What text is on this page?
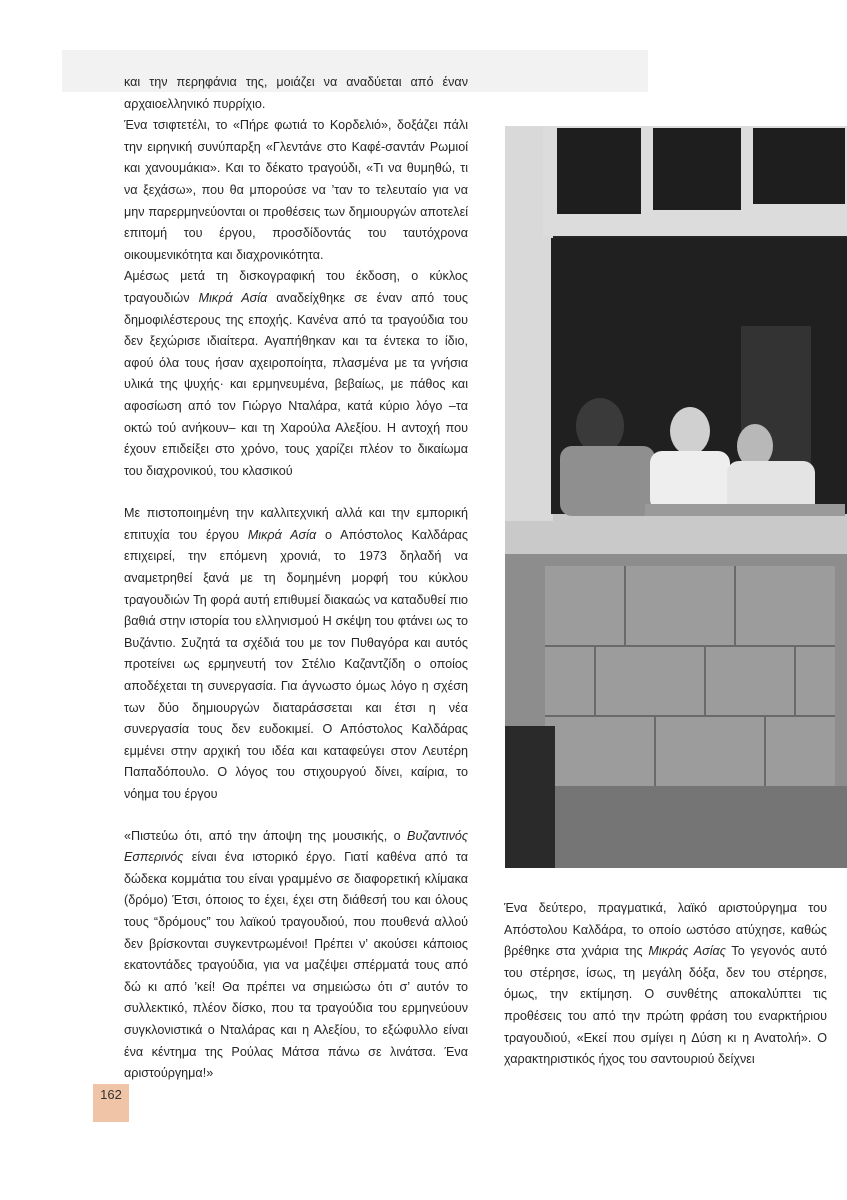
και την περηφάνια της, μοιάζει να αναδύεται από έναν αρχαιοελληνικό πυρρίχιο.

Ένα τσιφτετέλι, το «Πήρε φωτιά το Κορδελιό», δοξάζει πάλι την ειρηνική συνύπαρξη «Γλεντάνε στο Καφέ-σαντάν Ρωμιοί και χανουμάκια». Και το δέκατο τραγούδι, «Τι να θυμηθώ, τι να ξεχάσω», που θα μπορούσε να ’ταν το τελευταίο για να μην παρερμηνεύονται οι προθέσεις των δημιουργών αποτελεί επιτομή του έργου, προσδίδοντάς του ταυτόχρονα οικουμενικότητα και διαχρονικότητα.

Αμέσως μετά τη δισκογραφική του έκδοση, ο κύκλος τραγουδιών Μικρά Ασία αναδείχθηκε σε έναν από τους δημοφιλέστερους της εποχής. Κανένα από τα τραγούδια του δεν ξεχώρισε ιδιαίτερα. Αγαπήθηκαν και τα έντεκα το ίδιο, αφού όλα τους ήσαν αχειροποίητα, πλασμένα με τα γνήσια υλικά της ψυχής· και ερμηνευμένα, βεβαίως, με πάθος και αφοσίωση από τον Γιώργο Νταλάρα, κατά κύριο λόγο –τα οκτώ τού ανήκουν– και τη Χαρούλα Αλεξίου. Η αντοχή που έχουν επιδείξει στο χρόνο, τους χαρίζει πλέον το δικαίωμα του διαχρονικού, του κλασικού

Με πιστοποιημένη την καλλιτεχνική αλλά και την εμπορική επιτυχία του έργου Μικρά Ασία ο Απόστολος Καλδάρας επιχειρεί, την επόμενη χρονιά, το 1973 δηλαδή να αναμετρηθεί ξανά με τη δομημένη μορφή του κύκλου τραγουδιών Τη φορά αυτή επιθυμεί διακαώς να καταδυθεί πιο βαθιά στην ιστορία του ελληνισμού Η σκέψη του φτάνει ως το Βυζάντιο. Συζητά τα σχέδιά του με τον Πυθαγόρα και αυτός προτείνει ως ερμηνευτή τον Στέλιο Καζαντζίδη ο οποίος αποδέχεται τη συνεργασία. Για άγνωστο όμως λόγο η σχέση των δύο δημιουργών διαταράσσεται και έτσι η νέα συνεργασία τους δεν ευδοκιμεί. Ο Απόστολος Καλδάρας εμμένει στην αρχική του ιδέα και καταφεύγει στον Λευτέρη Παπαδόπουλο. Ο λόγος του στιχουργού δίνει, καίρια, το νόημα του έργου

«Πιστεύω ότι, από την άποψη της μουσικής, ο Βυζαντινός Εσπερινός είναι ένα ιστορικό έργο. Γιατί καθένα από τα δώδεκα κομμάτια του είναι γραμμένο σε διαφορετική κλίμακα (δρόμο) Έτσι, όποιος το έχει, έχει στη διάθεσή του και όλους τους “δρόμους” του λαϊκού τραγουδιού, που πουθενά αλλού δεν βρίσκονται συγκεντρωμένοι! Πρέπει ν’ ακούσει κάποιος εκατοντάδες τραγούδια, για να μαζέψει σπέρματά τους από δώ κι από ’κεί! Θα πρέπει να σημειώσω ότι σ’ αυτόν το συλλεκτικό, πλέον δίσκο, που τα τραγούδια του ερμηνεύουν συγκλονιστικά ο Νταλάρας και η Αλεξίου, το εξώφυλλο είναι ένα κέντημα της Ρούλας Μάτσα πάνω σε λινάτσα. Ένα αριστούργημα!»

Ένα δεύτερο, πραγματικά, λαϊκό αριστούργημα του Απόστολου Καλδάρα, το οποίο ωστόσο ατύχησε, καθώς βρέθηκε στα χνάρια της Μικράς Ασίας Το γεγονός αυτό του στέρησε, ίσως, τη μεγάλη δόξα, δεν του στέρησε, όμως, την εκτίμηση. Ο συνθέτης αποκαλύπτει τις προθέσεις του από την πρώτη φράση του εναρκτήριου τραγουδιού, «Εκεί που σμίγει η Δύση κι η Ανατολή». Ο χαρακτηριστικός ήχος του σαντουριού δείχνει

162
